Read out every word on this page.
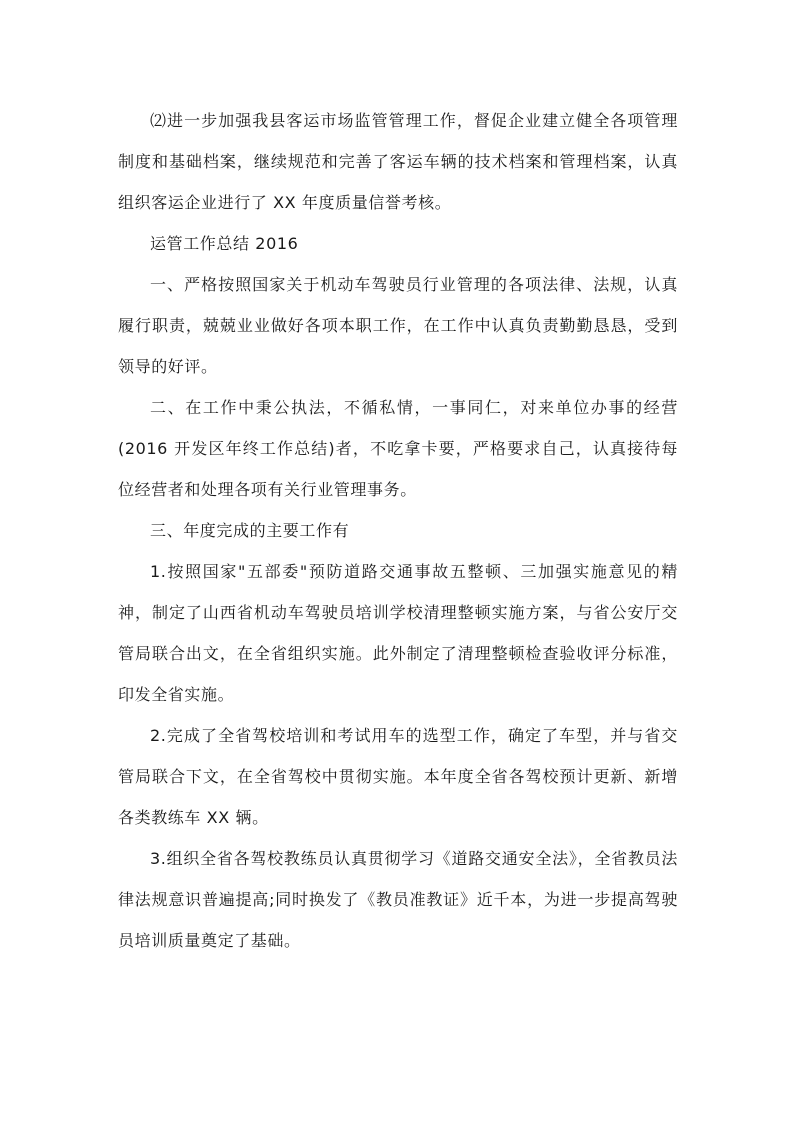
⑵进一步加强我县客运市场监管管理工作，督促企业建立健全各项管理制度和基础档案，继续规范和完善了客运车辆的技术档案和管理档案，认真组织客运企业进行了 XX 年度质量信誉考核。

运管工作总结 2016

一、严格按照国家关于机动车驾驶员行业管理的各项法律、法规，认真履行职责，兢兢业业做好各项本职工作，在工作中认真负责勤勤恳恳，受到领导的好评。

二、在工作中秉公执法，不循私情，一事同仁，对来单位办事的经营(2016 开发区年终工作总结)者，不吃拿卡要，严格要求自己，认真接待每位经营者和处理各项有关行业管理事务。

三、年度完成的主要工作有

1.按照国家"五部委"预防道路交通事故五整顿、三加强实施意见的精神，制定了山西省机动车驾驶员培训学校清理整顿实施方案，与省公安厅交管局联合出文，在全省组织实施。此外制定了清理整顿检查验收评分标准，印发全省实施。

2.完成了全省驾校培训和考试用车的选型工作，确定了车型，并与省交管局联合下文，在全省驾校中贯彻实施。本年度全省各驾校预计更新、新增各类教练车 XX 辆。

3.组织全省各驾校教练员认真贯彻学习《道路交通安全法》，全省教员法律法规意识普遍提高;同时换发了《教员准教证》近千本，为进一步提高驾驶员培训质量奠定了基础。
